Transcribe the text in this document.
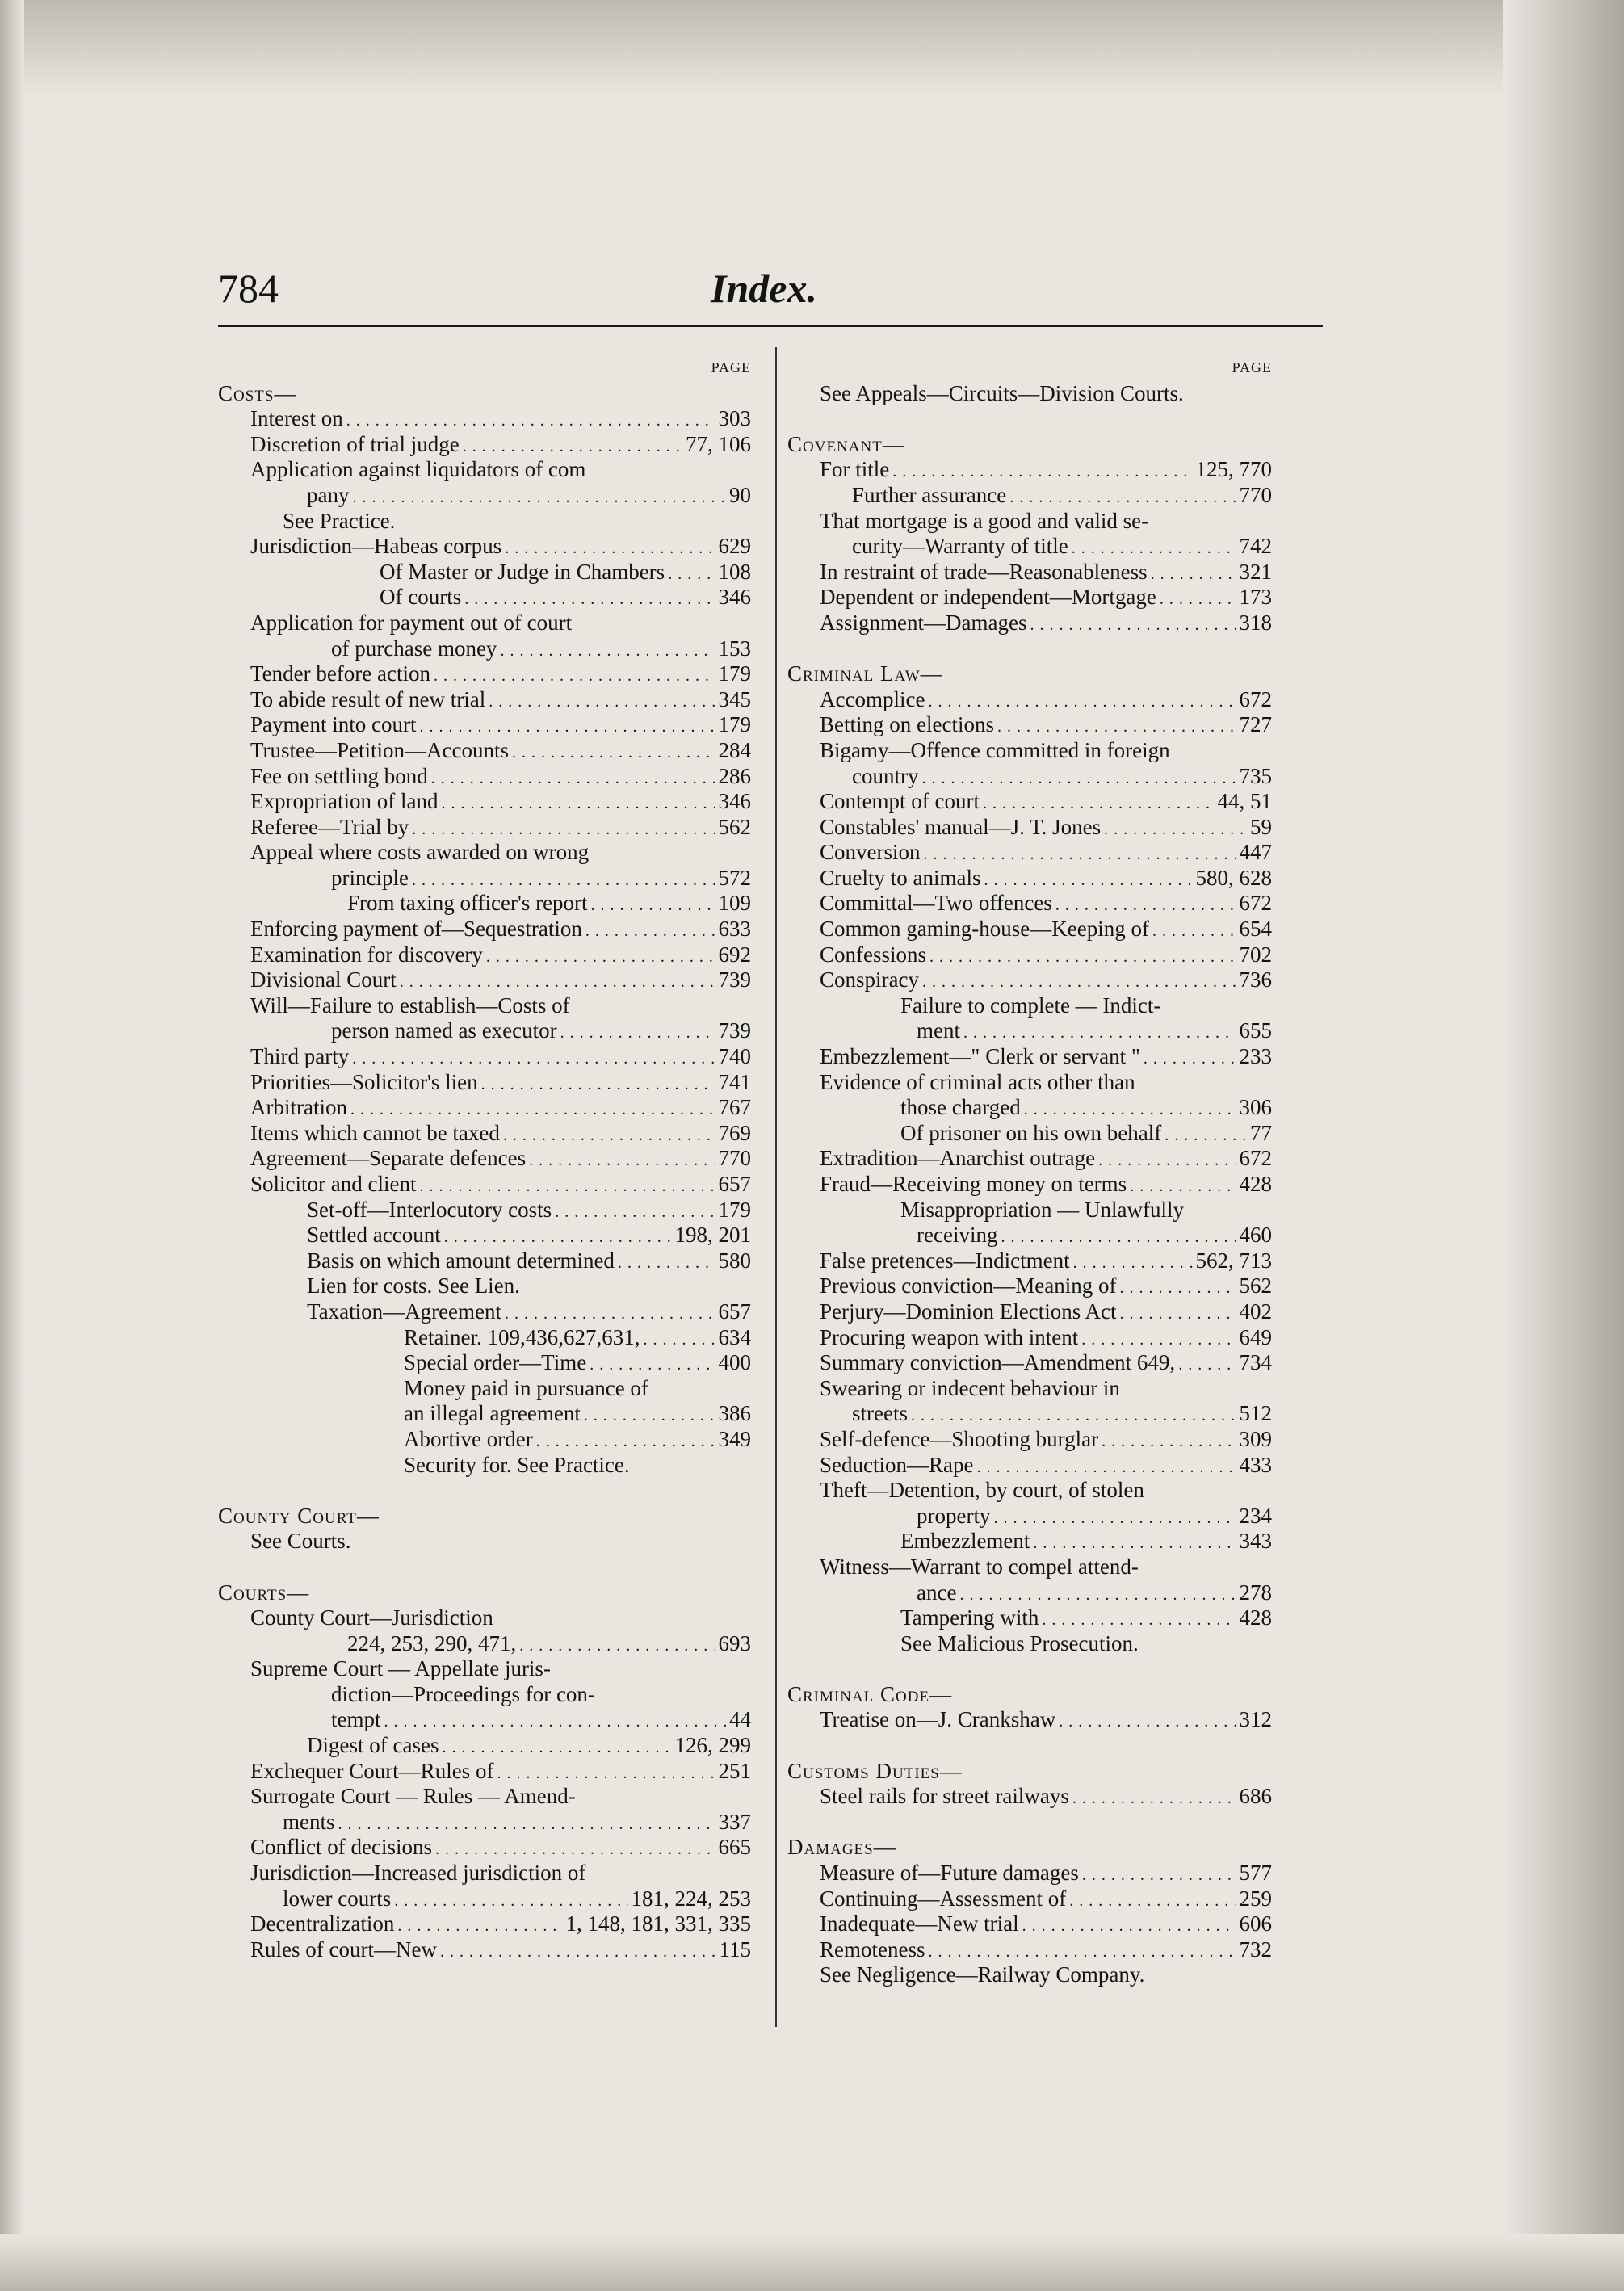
784	Index.
PAGE
Costs—
Interest on . . .	303
Discretion of trial judge . . .	77, 106
Application against liquidators of com
pany . . .	90
See Practice.
Jurisdiction—Habeas corpus . . .	629
Of Master or Judge in Chambers . . . 108
Of courts . . .	346
Application for payment out of court
of purchase money . . .	153
Tender before action . . .	179
To abide result of new trial . . .	345
Payment into court . . .	179
Trustee—Petition—Accounts . . .	284
Fee on settling bond . . .	286
Expropriation of land . . .	346
Referee—Trial by . . .	562
Appeal where costs awarded on wrong
principle . . .	572
From taxing officer's report . . .	109
Enforcing payment of—Sequestration . . .	633
Examination for discovery . . .	692
Divisional Court . . .	739
Will—Failure to establish—Costs of
person named as executor . . .	739
Third party . . .	740
Priorities—Solicitor's lien . . .	741
Arbitration . . .	767
Items which cannot be taxed . . .	769
Agreement—Separate defences . . .	770
Solicitor and client . . .	657
Set-off—Interlocutory costs . . .	179
Settled account . . .	198, 201
Basis on which amount determined . . .	580
Lien for costs. See Lien.
Taxation—Agreement . . .	657
Retainer. 109,436,627,631, . . .	634
Special order—Time . . .	400
Money paid in pursuance of
an illegal agreement . . .	386
Abortive order . . .	349
Security for. See Practice.
County Court—
See Courts.
Courts—
County Court—Jurisdiction
224, 253, 290, 471, . . .	693
Supreme Court — Appellate juris-
diction—Proceedings for con-
tempt . . .	44
Digest of cases . . .	126, 299
Exchequer Court—Rules of . . .	251
Surrogate Court — Rules — Amend-
ments . . .	337
Conflict of decisions . . .	665
Jurisdiction—Increased jurisdiction of
lower courts . . .	181, 224, 253
Decentralization . . .	1, 148, 181, 331, 335
Rules of court—New . . .	115
PAGE
See Appeals—Circuits—Division Courts.
Covenant—
For title . . .	125, 770
Further assurance . . .	770
That mortgage is a good and valid se-
curity—Warranty of title . . .	742
In restraint of trade—Reasonableness . . .	321
Dependent or independent—Mortgage . . .	173
Assignment—Damages . . .	318
Criminal Law—
Accomplice . . .	672
Betting on elections . . .	727
Bigamy—Offence committed in foreign
country . . .	735
Contempt of court . . .	44, 51
Constables' manual—J. T. Jones . . .	59
Conversion . . .	447
Cruelty to animals . . .	580, 628
Committal—Two offences . . .	672
Common gaming-house—Keeping of . . .	654
Confessions . . .	702
Conspiracy . . .	736
Failure to complete — Indict-
ment . . .	655
Embezzlement—" Clerk or servant " . . .	233
Evidence of criminal acts other than
those charged . . .	306
Of prisoner on his own behalf . . .	77
Extradition—Anarchist outrage . . .	672
Fraud—Receiving money on terms . . .	428
Misappropriation — Unlawfully
receiving . . .	460
False pretences—Indictment . . .	562, 713
Previous conviction—Meaning of . . .	562
Perjury—Dominion Elections Act . . .	402
Procuring weapon with intent . . .	649
Summary conviction—Amendment 649, . . .	734
Swearing or indecent behaviour in
streets . . .	512
Self-defence—Shooting burglar . . .	309
Seduction—Rape . . .	433
Theft—Detention, by court, of stolen
property . . .	234
Embezzlement . . .	343
Witness—Warrant to compel attend-
ance . . .	278
Tampering with . . .	428
See Malicious Prosecution.
Criminal Code—
Treatise on—J. Crankshaw . . .	312
Customs Duties—
Steel rails for street railways . . .	686
Damages—
Measure of—Future damages . . .	577
Continuing—Assessment of . . .	259
Inadequate—New trial . . .	606
Remoteness . . .	732
See Negligence—Railway Company.
